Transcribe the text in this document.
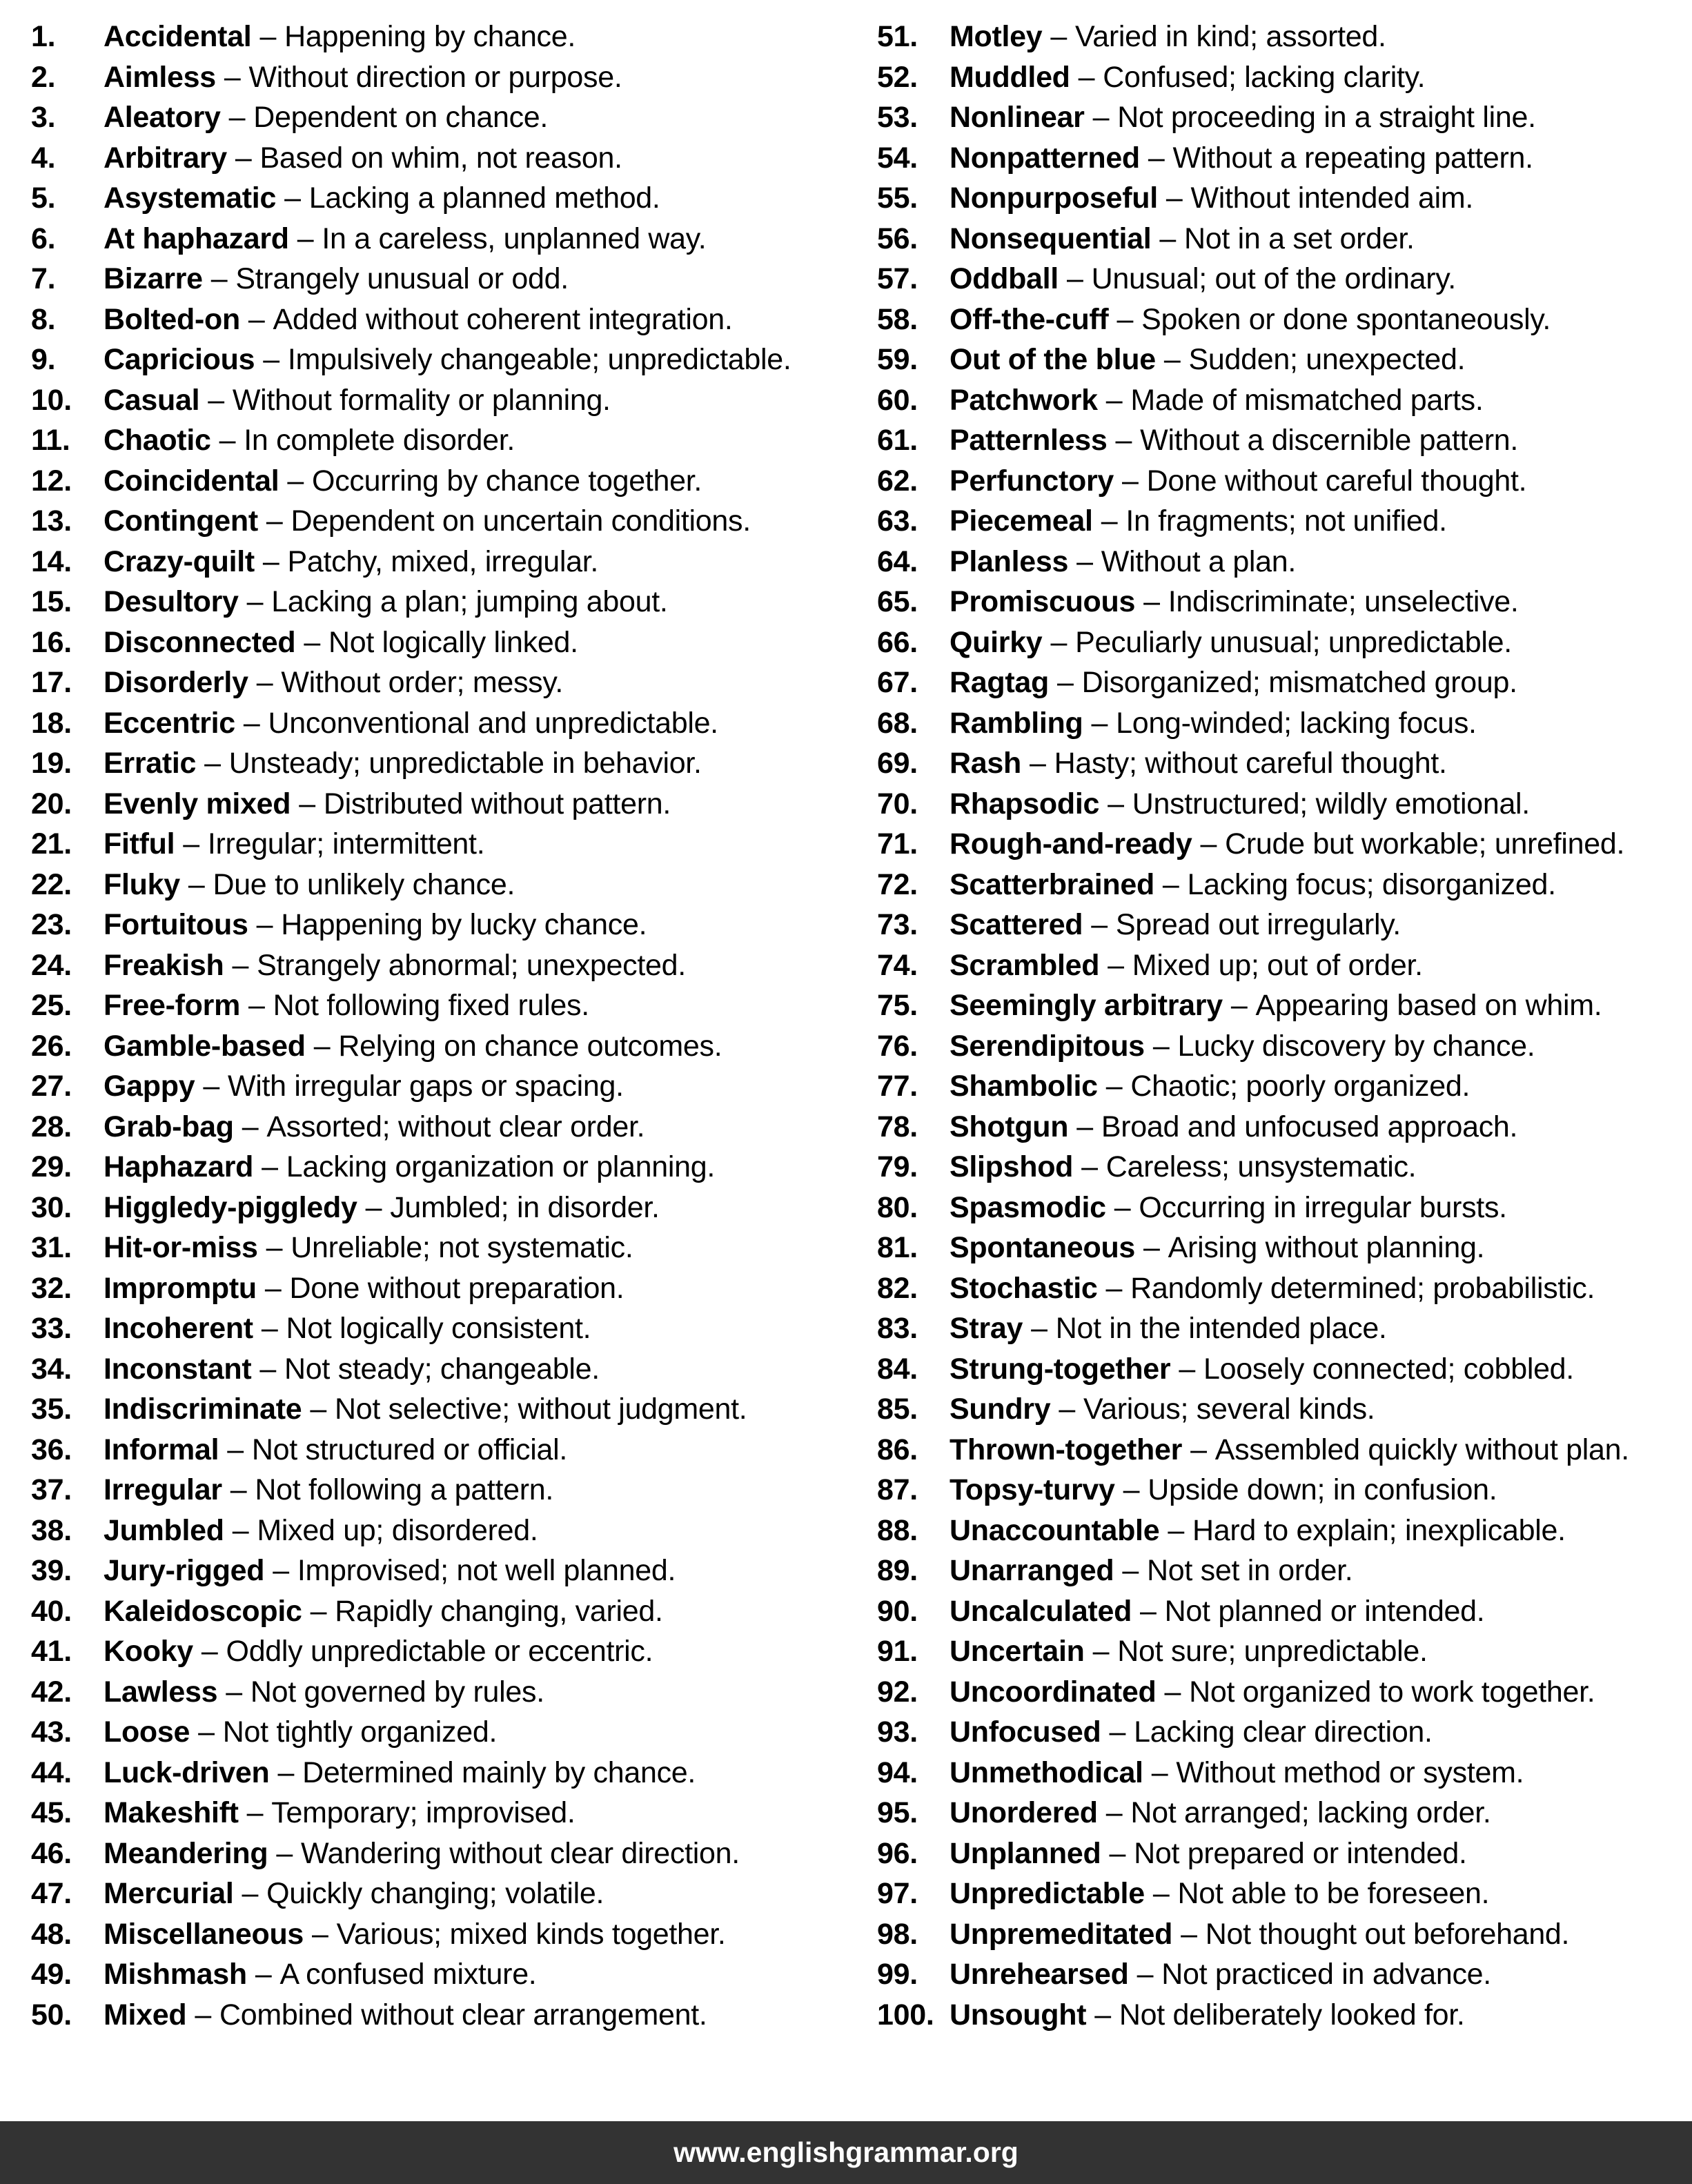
1.	Accidental – Happening by chance.
2.	Aimless – Without direction or purpose.
3.	Aleatory – Dependent on chance.
4.	Arbitrary – Based on whim, not reason.
5.	Asystematic – Lacking a planned method.
6.	At haphazard – In a careless, unplanned way.
7.	Bizarre – Strangely unusual or odd.
8.	Bolted-on – Added without coherent integration.
9.	Capricious – Impulsively changeable; unpredictable.
10.	Casual – Without formality or planning.
11.	Chaotic – In complete disorder.
12.	Coincidental – Occurring by chance together.
13.	Contingent – Dependent on uncertain conditions.
14.	Crazy-quilt – Patchy, mixed, irregular.
15.	Desultory – Lacking a plan; jumping about.
16.	Disconnected – Not logically linked.
17.	Disorderly – Without order; messy.
18.	Eccentric – Unconventional and unpredictable.
19.	Erratic – Unsteady; unpredictable in behavior.
20.	Evenly mixed – Distributed without pattern.
21.	Fitful – Irregular; intermittent.
22.	Fluky – Due to unlikely chance.
23.	Fortuitous – Happening by lucky chance.
24.	Freakish – Strangely abnormal; unexpected.
25.	Free-form – Not following fixed rules.
26.	Gamble-based – Relying on chance outcomes.
27.	Gappy – With irregular gaps or spacing.
28.	Grab-bag – Assorted; without clear order.
29.	Haphazard – Lacking organization or planning.
30.	Higgledy-piggledy – Jumbled; in disorder.
31.	Hit-or-miss – Unreliable; not systematic.
32.	Impromptu – Done without preparation.
33.	Incoherent – Not logically consistent.
34.	Inconstant – Not steady; changeable.
35.	Indiscriminate – Not selective; without judgment.
36.	Informal – Not structured or official.
37.	Irregular – Not following a pattern.
38.	Jumbled – Mixed up; disordered.
39.	Jury-rigged – Improvised; not well planned.
40.	Kaleidoscopic – Rapidly changing, varied.
41.	Kooky – Oddly unpredictable or eccentric.
42.	Lawless – Not governed by rules.
43.	Loose – Not tightly organized.
44.	Luck-driven – Determined mainly by chance.
45.	Makeshift – Temporary; improvised.
46.	Meandering – Wandering without clear direction.
47.	Mercurial – Quickly changing; volatile.
48.	Miscellaneous – Various; mixed kinds together.
49.	Mishmash – A confused mixture.
50.	Mixed – Combined without clear arrangement.
51.	Motley – Varied in kind; assorted.
52.	Muddled – Confused; lacking clarity.
53.	Nonlinear – Not proceeding in a straight line.
54.	Nonpatterned – Without a repeating pattern.
55.	Nonpurposeful – Without intended aim.
56.	Nonsequential – Not in a set order.
57.	Oddball – Unusual; out of the ordinary.
58.	Off-the-cuff – Spoken or done spontaneously.
59.	Out of the blue – Sudden; unexpected.
60.	Patchwork – Made of mismatched parts.
61.	Patternless – Without a discernible pattern.
62.	Perfunctory – Done without careful thought.
63.	Piecemeal – In fragments; not unified.
64.	Planless – Without a plan.
65.	Promiscuous – Indiscriminate; unselective.
66.	Quirky – Peculiarly unusual; unpredictable.
67.	Ragtag – Disorganized; mismatched group.
68.	Rambling – Long-winded; lacking focus.
69.	Rash – Hasty; without careful thought.
70.	Rhapsodic – Unstructured; wildly emotional.
71.	Rough-and-ready – Crude but workable; unrefined.
72.	Scatterbrained – Lacking focus; disorganized.
73.	Scattered – Spread out irregularly.
74.	Scrambled – Mixed up; out of order.
75.	Seemingly arbitrary – Appearing based on whim.
76.	Serendipitous – Lucky discovery by chance.
77.	Shambolic – Chaotic; poorly organized.
78.	Shotgun – Broad and unfocused approach.
79.	Slipshod – Careless; unsystematic.
80.	Spasmodic – Occurring in irregular bursts.
81.	Spontaneous – Arising without planning.
82.	Stochastic – Randomly determined; probabilistic.
83.	Stray – Not in the intended place.
84.	Strung-together – Loosely connected; cobbled.
85.	Sundry – Various; several kinds.
86.	Thrown-together – Assembled quickly without plan.
87.	Topsy-turvy – Upside down; in confusion.
88.	Unaccountable – Hard to explain; inexplicable.
89.	Unarranged – Not set in order.
90.	Uncalculated – Not planned or intended.
91.	Uncertain – Not sure; unpredictable.
92.	Uncoordinated – Not organized to work together.
93.	Unfocused – Lacking clear direction.
94.	Unmethodical – Without method or system.
95.	Unordered – Not arranged; lacking order.
96.	Unplanned – Not prepared or intended.
97.	Unpredictable – Not able to be foreseen.
98.	Unpremeditated – Not thought out beforehand.
99.	Unrehearsed – Not practiced in advance.
100. Unsought – Not deliberately looked for.
www.englishgrammar.org
